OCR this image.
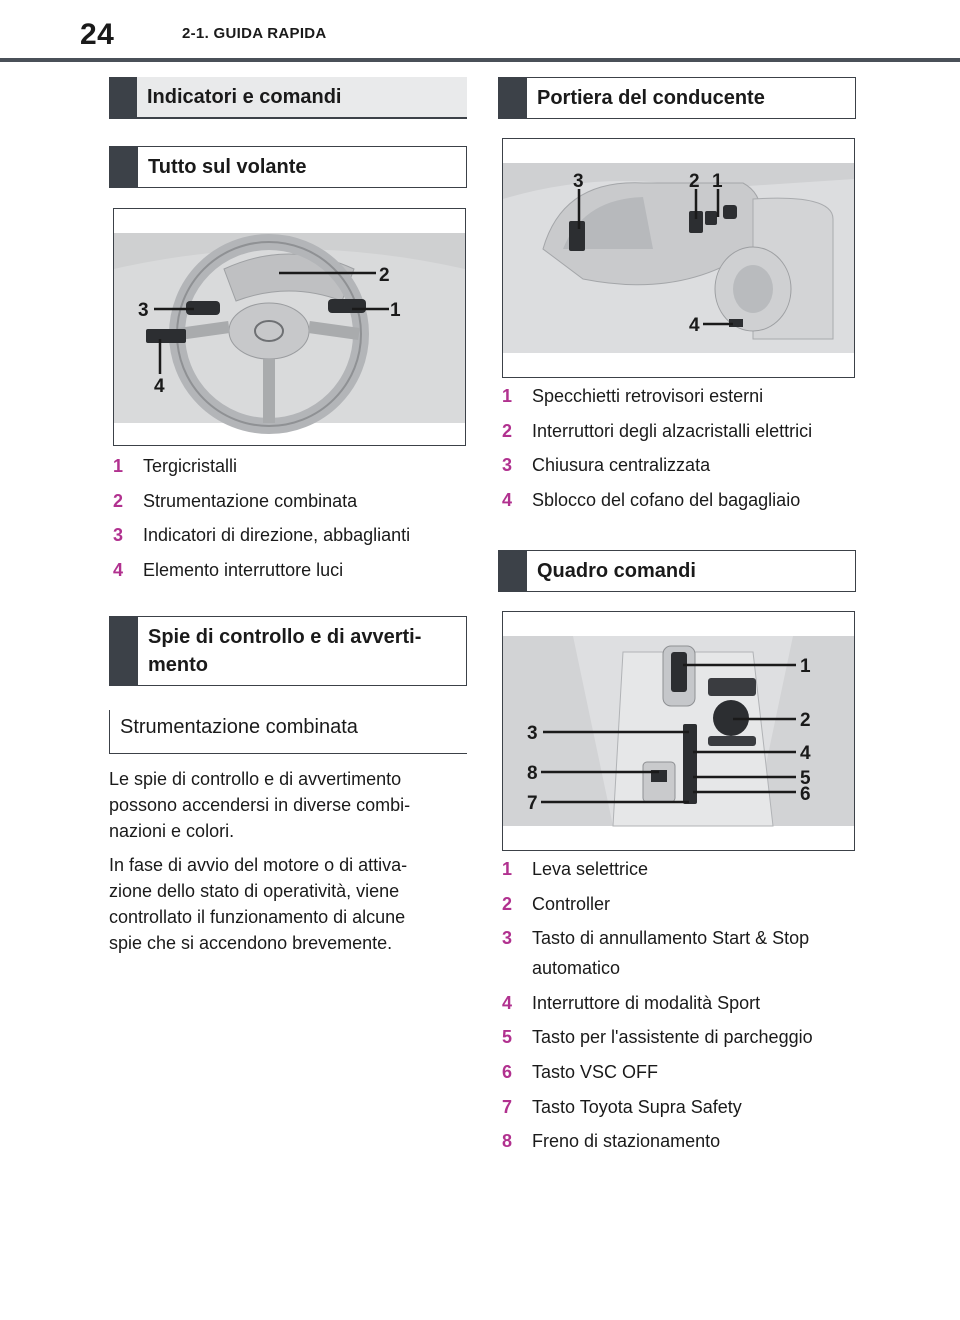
24	2-1. GUIDA RAPIDA
Indicatori e comandi
Tutto sul volante
2
3	1
4
1 Tergicristalli
2 Strumentazione combinata
3 Indicatori di direzione, abbaglianti
4 Elemento interruttore luci
Spie di controllo e di avverti-
mento
Strumentazione combinata
Le spie di controllo e di avvertimento
possono accendersi in diverse combi-
nazioni e colori.
In fase di avvio del motore o di attiva-
zione dello stato di operatività, viene
controllato il funzionamento di alcune
spie che si accendono brevemente.
Portiera del conducente
3	2 1
4
1 Specchietti retrovisori esterni
2 Interruttori degli alzacristalli elettrici
3 Chiusura centralizzata
4 Sblocco del cofano del bagagliaio
Quadro comandi
1
2
3
4
8	5
7	6
1 Leva selettrice
2 Controller
3 Tasto di annullamento Start & Stop
automatico
4 Interruttore di modalità Sport
5 Tasto per l'assistente di parcheggio
6 Tasto VSC OFF
7 Tasto Toyota Supra Safety
8 Freno di stazionamento
